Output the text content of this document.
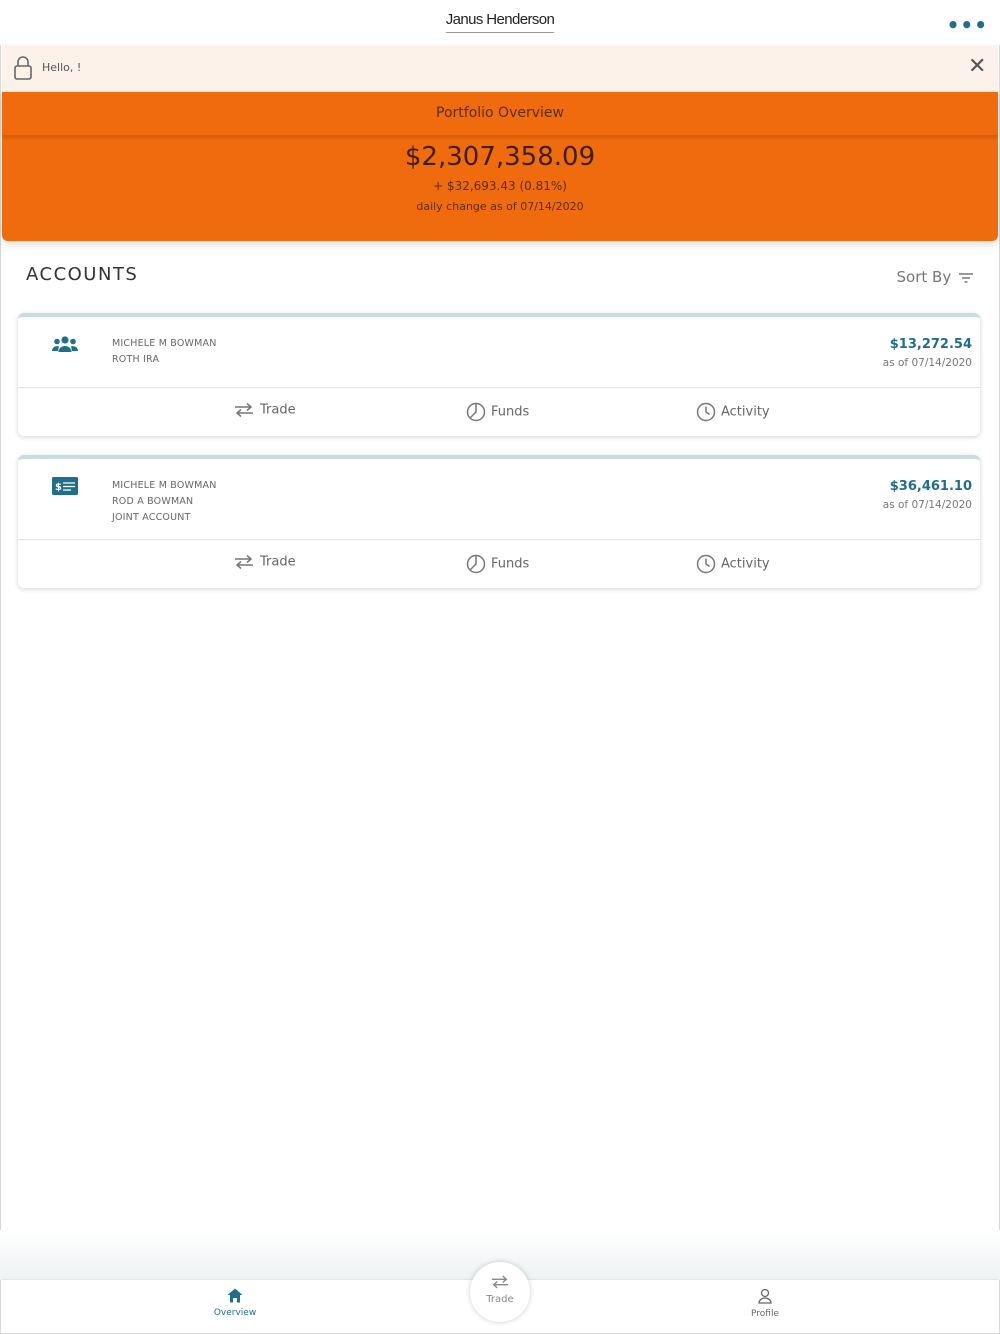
Janus Henderson	•••
Hello, !	✕
Portfolio Overview
$2,307,358.09
+ $32,693.43 (0.81%)
daily change as of 07/14/2020
ACCOUNTS	Sort By
MICHELE M BOWMAN
ROTH IRA
$13,272.54
as of 07/14/2020
Trade	Funds	Activity
$	MICHELE M BOWMAN
ROD A BOWMAN
JOINT ACCOUNT
$36,461.10
as of 07/14/2020
Trade	Funds	Activity
Overview	Profile
Trade
